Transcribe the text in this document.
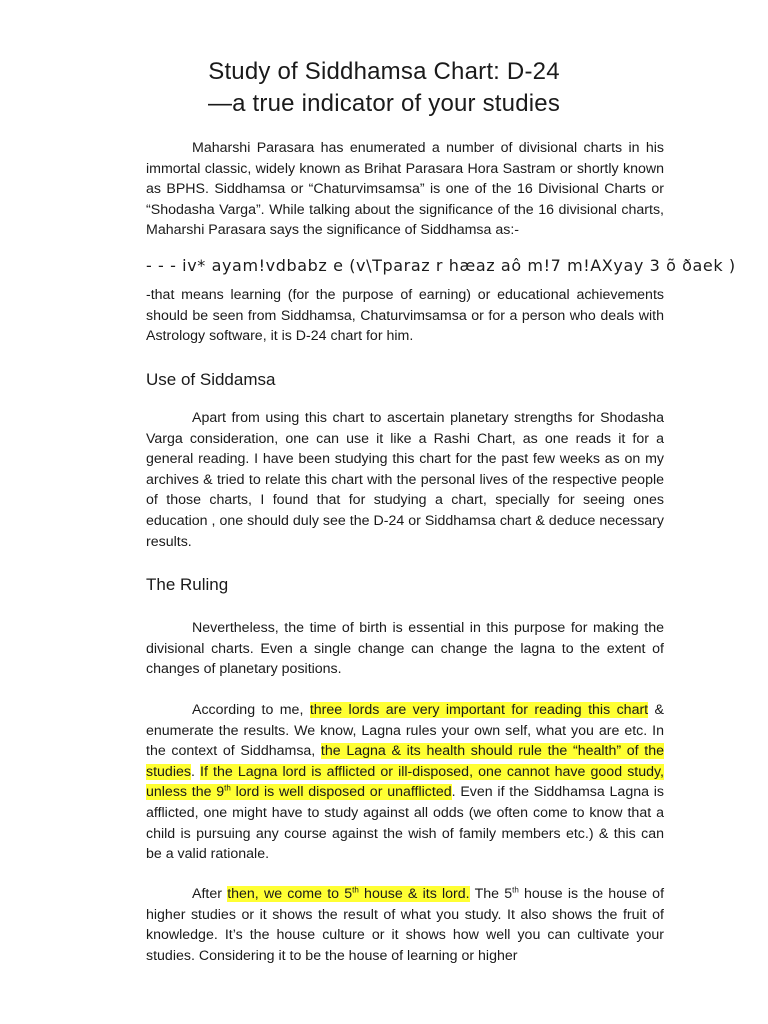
Study of Siddhamsa Chart: D-24
—a true indicator of your studies
Maharshi Parasara has enumerated a number of divisional charts in his immortal classic, widely known as Brihat Parasara Hora Sastram or shortly known as BPHS. Siddhamsa or “Chaturvimsamsa” is one of the 16 Divisional Charts or “Shodasha Varga”. While talking about the significance of the 16 divisional charts, Maharshi Parasara says the significance of Siddhamsa as:-
- - - iv* ayam!vdbabz e (v\Tparaz r hæaz aô m!7 m!AXyay 3 õ ðaek )
-that means learning (for the purpose of earning) or educational achievements should be seen from Siddhamsa, Chaturvimsamsa or for a person who deals with Astrology software, it is D-24 chart for him.
Use of Siddamsa
Apart from using this chart to ascertain planetary strengths for Shodasha Varga consideration, one can use it like a Rashi Chart, as one reads it for a general reading. I have been studying this chart for the past few weeks as on my archives & tried to relate this chart with the personal lives of the respective people of those charts, I found that for studying a chart, specially for seeing ones education , one should duly see the D-24 or Siddhamsa chart & deduce necessary results.
The Ruling
Nevertheless, the time of birth is essential in this purpose for making the divisional charts. Even a single change can change the lagna to the extent of changes of planetary positions.
According to me, three lords are very important for reading this chart & enumerate the results. We know, Lagna rules your own self, what you are etc. In the context of Siddhamsa, the Lagna & its health should rule the “health” of the studies. If the Lagna lord is afflicted or ill-disposed, one cannot have good study, unless the 9th lord is well disposed or unafflicted. Even if the Siddhamsa Lagna is afflicted, one might have to study against all odds (we often come to know that a child is pursuing any course against the wish of family members etc.) & this can be a valid rationale.
After then, we come to 5th house & its lord. The 5th house is the house of higher studies or it shows the result of what you study. It also shows the fruit of knowledge. It’s the house culture or it shows how well you can cultivate your studies. Considering it to be the house of learning or higher
